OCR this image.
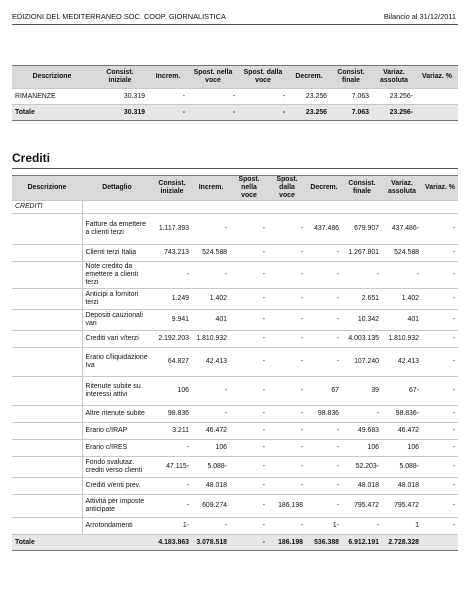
EDIZIONI DEL MEDITERRANEO SOC. COOP. GIORNALISTICA	Bilancio al 31/12/2011
Descrizione	Consist. iniziale	Increm.	Spost. nella voce	Spost. dalla voce	Decrem.	Consist. finale	Variaz. assoluta	Variaz. %
RIMANENZE	30.319	-	-	-	23.256	7.063	23.256-	
Totale	30.319	-	-	-	23.256	7.063	23.256-	
Crediti
Descrizione	Dettaglio	Consist. iniziale	Increm.	Spost. nella voce	Spost. dalla voce	Decrem.	Consist. finale	Variaz. assoluta	Variaz. %
CREDITI									
	Fatture da emettere a clienti terzi	1.117.393	-	-	-	437.486	679.907	437.486-	-
	Clienti terzi Italia	743.213	524.588	-	-	-	1.267.801	524.588	-
	Note credito da emettere a clienti terzi	-	-	-	-	-	-	-	-
	Anticipi a fornitori terzi	1.249	1.402	-	-	-	2.651	1.402	-
	Depositi cauzionali vari	9.941	401	-	-	-	10.342	401	-
	Crediti vari v/terzi	2.192.203	1.810.932	-	-	-	4.003.135	1.810.932	-
	Erario c/liquidazione Iva	64.827	42.413	-	-	-	107.240	42.413	-
	Ritenute subite su interessi attivi	106	-	-	-	67	39	67-	-
	Altre ritenute subite	98.836	-	-	-	98.836	-	98.836-	-
	Erario c/IRAP	3.211	46.472	-	-	-	49.683	46.472	-
	Erario c/IRES	-	106	-	-	-	106	106	-
	Fondo svalutaz. crediti verso clienti	47.115-	5.088-	-	-	-	52.203-	5.088-	-
	Crediti v/enti prev.	-	48.018	-	-	-	48.018	48.018	-
	Attività per imposte anticipate	-	609.274	-	186.198	-	795.472	795.472	-
	Arrotondamenti	1-	-	-	-	1-	-	1	-
Totale		4.183.863	3.078.518	-	186.198	536.388	6.912.191	2.728.328	
